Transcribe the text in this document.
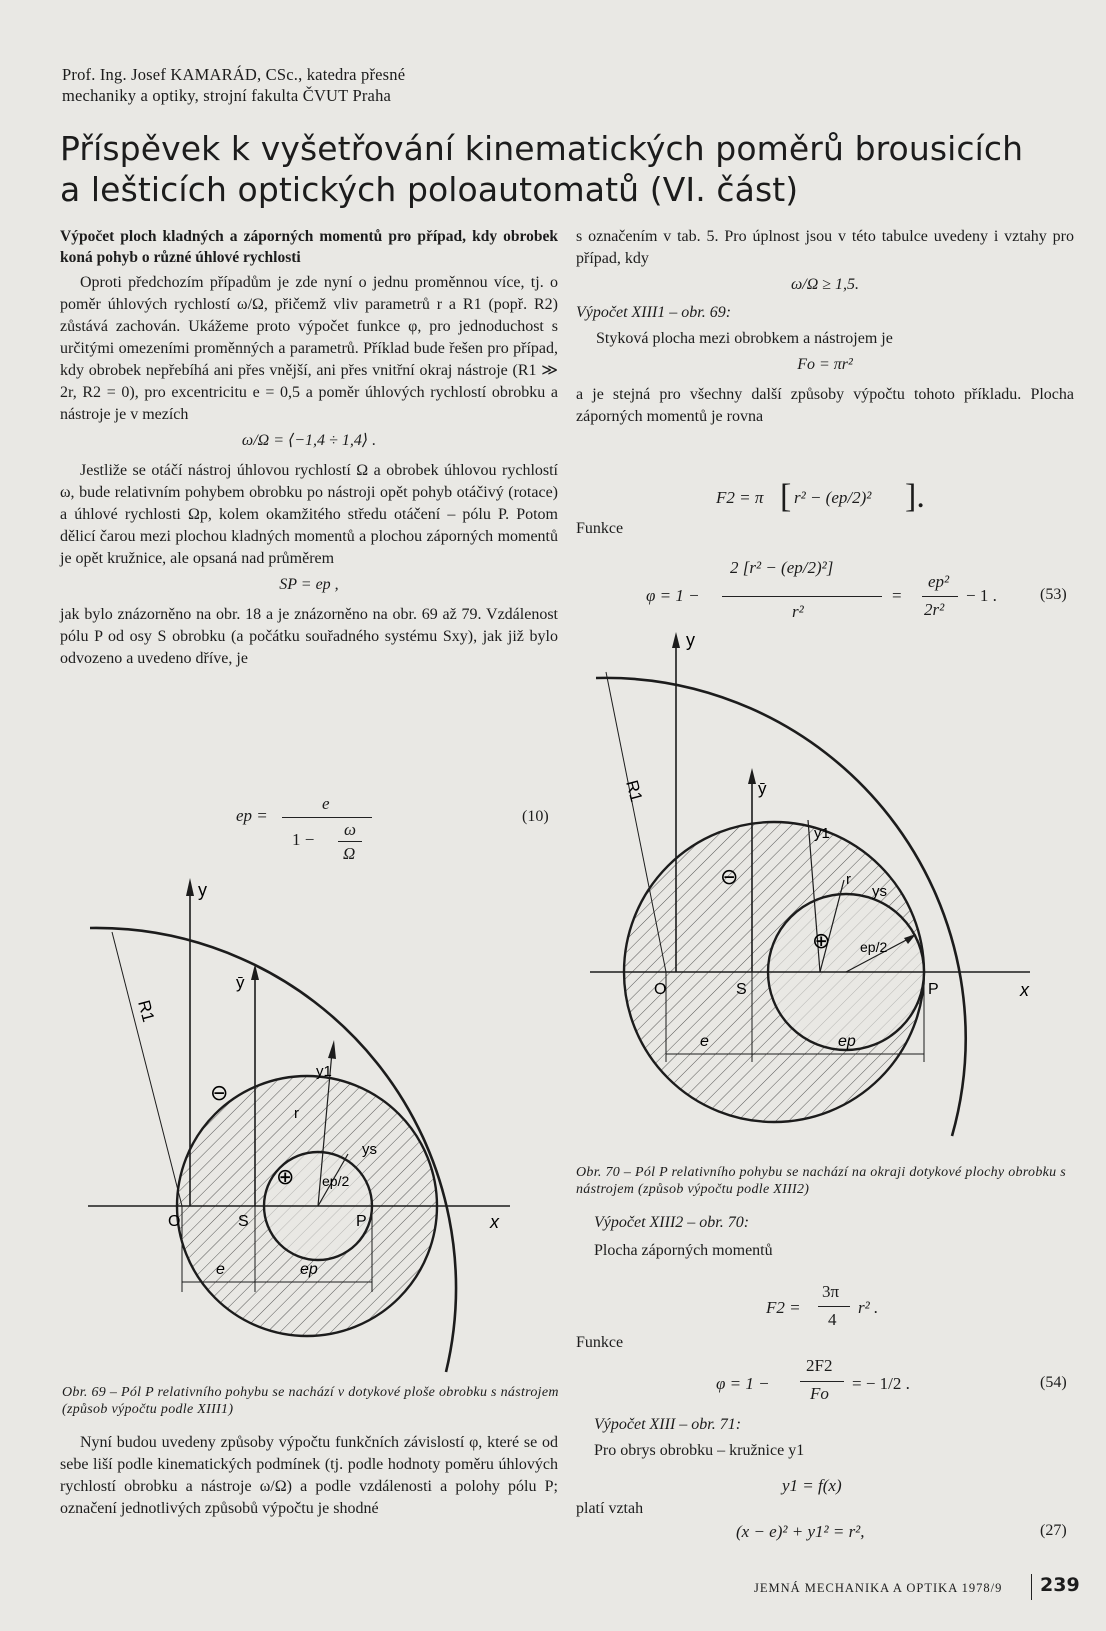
Prof. Ing. Josef KAMARÁD, CSc., katedra přesné
mechaniky a optiky, strojní fakulta ČVUT Praha
Příspěvek k vyšetřování kinematických poměrů brousicích
a lešticích optických poloautomatů (VI. část)

Výpočet ploch kladných a záporných momentů pro případ, kdy obrobek koná pohyb o různé úhlové rychlosti

Oproti předchozím případům je zde nyní o jednu proměnnou více, tj. o poměr úhlových rychlostí ω/Ω, přičemž vliv parametrů r a R1 (popř. R2) zůstává zachován. Ukážeme proto výpočet funkce φ, pro jednoduchost s určitými omezeními proměnných a parametrů. Příklad bude řešen pro případ, kdy obrobek nepřebíhá ani přes vnější, ani přes vnitřní okraj nástroje (R1 ≫ 2r, R2 = 0), pro excentricitu e = 0,5 a poměr úhlových rychlostí obrobku a nástroje je v mezích

ω/Ω = ⟨−1,4 ÷ 1,4⟩ .

Jestliže se otáčí nástroj úhlovou rychlostí Ω a obrobek úhlovou rychlostí ω, bude relativním pohybem obrobku po nástroji opět pohyb otáčivý (rotace) a úhlové rychlosti Ωp, kolem okamžitého středu otáčení – pólu P. Potom dělicí čarou mezi plochou kladných momentů a plochou záporných momentů je opět kružnice, ale opsaná nad průměrem

SP = ep ,

jak bylo znázorněno na obr. 18 a je znázorněno na obr. 69 až 79. Vzdálenost pólu P od osy S obrobku (a počátku souřadného systému Sxy), jak již bylo odvozeno a uvedeno dříve, je

ep =
e
1 −
ω
Ω
(10)
y
x
ȳ
R1
y1
ys
r
⊖
⊕ ep/2
O	S	P
e	ep
Obr. 69 – Pól P relativního pohybu se nachází v dotykové ploše obrobku s nástrojem (způsob výpočtu podle XIII1)

Nyní budou uvedeny způsoby výpočtu funkčních závislostí φ, které se od sebe liší podle kinematických podmínek (tj. podle hodnoty poměru úhlových rychlostí obrobku a nástroje ω/Ω) a podle vzdálenosti a polohy pólu P; označení jednotlivých způsobů výpočtu je shodné

s označením v tab. 5. Pro úplnost jsou v této tabulce uvedeny i vztahy pro případ, kdy

ω/Ω ≥ 1,5.

Výpočet XIII1 – obr. 69:

Styková plocha mezi obrobkem a nástrojem je

Fo = πr²

a je stejná pro všechny další způsoby výpočtu tohoto příkladu. Plocha záporných momentů je rovna

F2 = π [ r² − (ep/2)² ].
Funkce
φ = 1 −
2 [r² − (ep/2)²]
r²
=
ep²
2r²
− 1 .	(53)
y
x
ȳ
R1
y1
ys
r
⊖
⊕ ep/2
O	S	P
e	ep
Obr. 70 – Pól P relativního pohybu se nachází na okraji dotykové plochy obrobku s nástrojem (způsob výpočtu podle XIII2)

Výpočet XIII2 – obr. 70:

Plocha záporných momentů

F2 =
3π
4
r² .
Funkce
φ = 1 −
2F2
Fo
= − 1/2 .	(54)

Výpočet XIII – obr. 71:

Pro obrys obrobku – kružnice y1

y1 = f(x)
platí vztah
(x − e)² + y1² = r²,	(27)
JEMNÁ MECHANIKA A OPTIKA 1978/9 239
